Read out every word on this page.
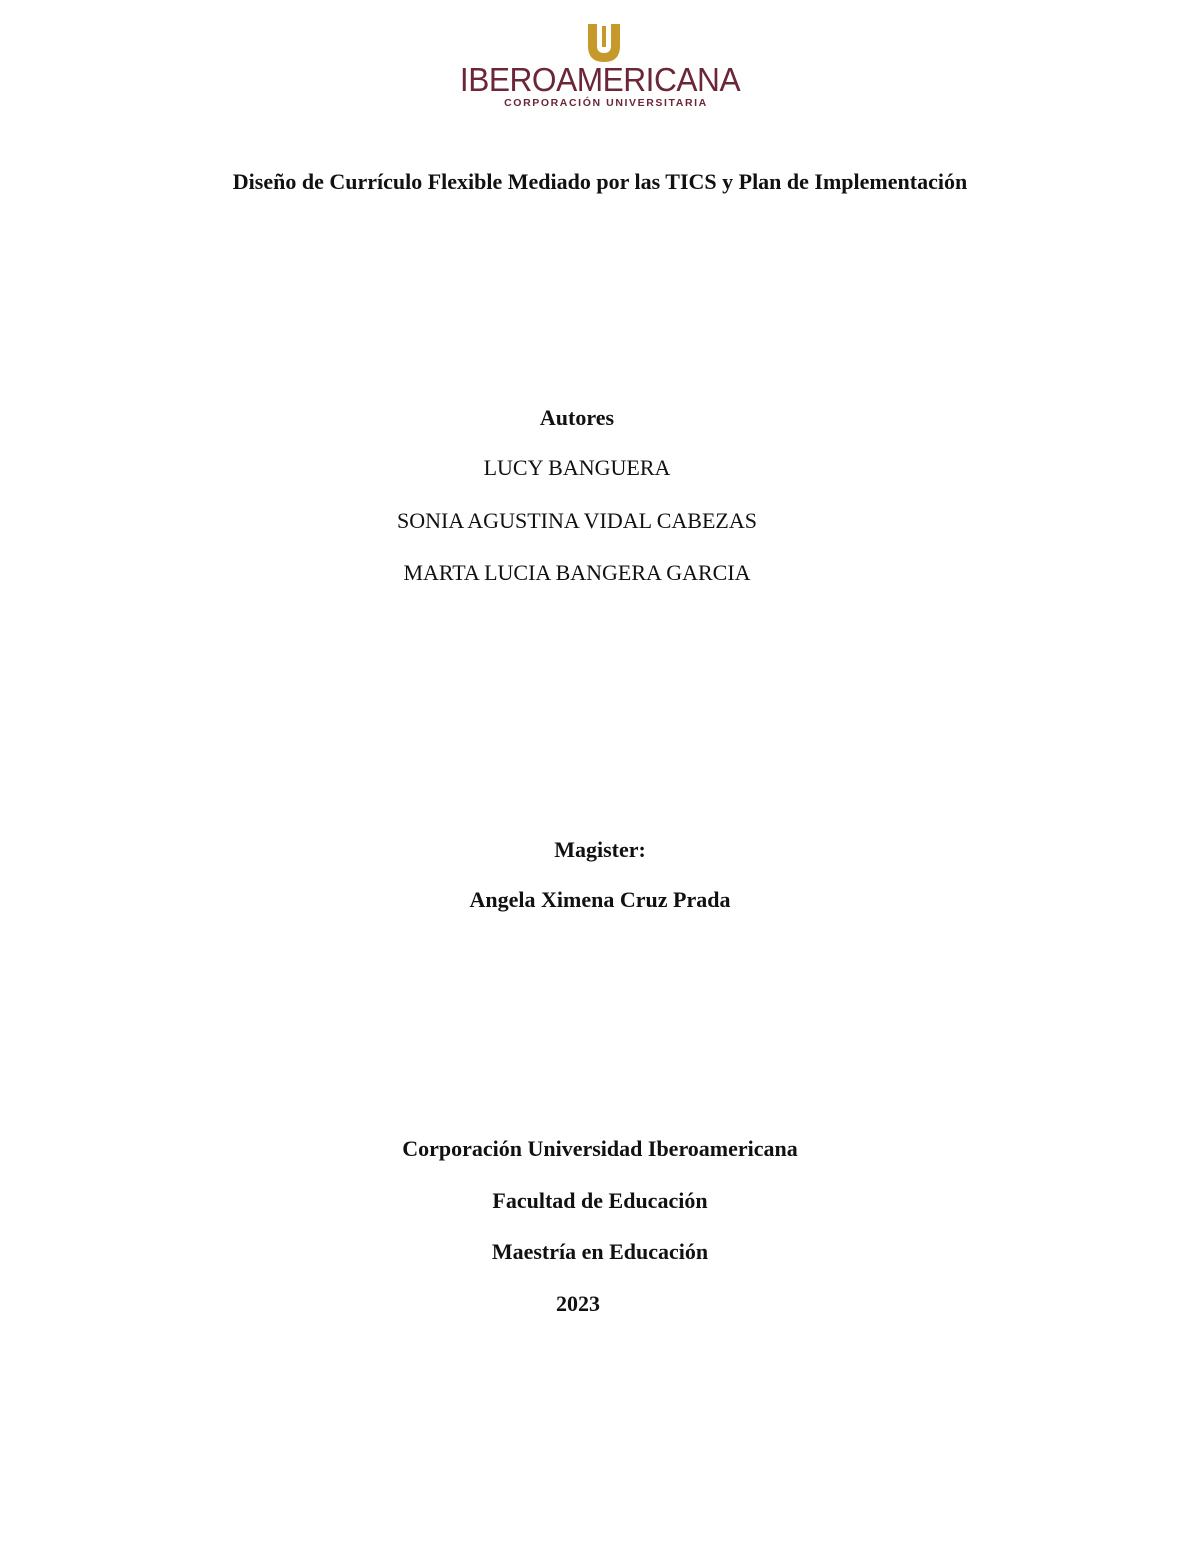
IBEROAMERICANA
CORPORACIÓN UNIVERSITARIA
Diseño de Currículo Flexible Mediado por las TICS y Plan de Implementación
Autores
LUCY BANGUERA
SONIA AGUSTINA VIDAL CABEZAS
MARTA LUCIA BANGERA GARCIA
Magister:
Angela Ximena Cruz Prada
Corporación Universidad Iberoamericana
Facultad de Educación
Maestría en Educación
2023
